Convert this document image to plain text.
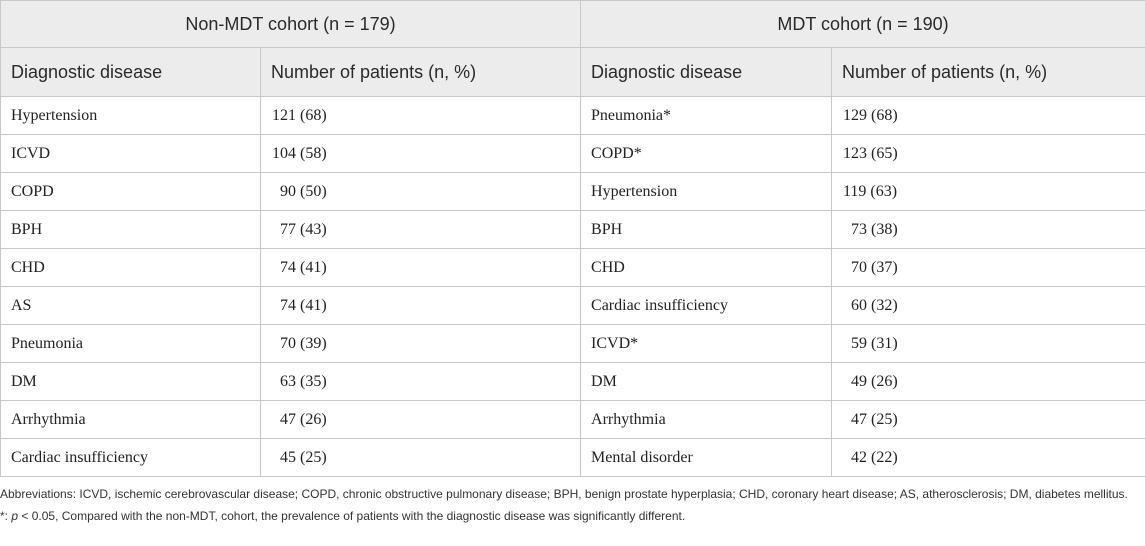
Non-MDT cohort (n = 179)		MDT cohort (n = 190)	
Diagnostic disease	Number of patients (n, %)	Diagnostic disease	Number of patients (n, %)
Hypertension	121 (68)	Pneumonia*	129 (68)
ICVD	104 (58)	COPD*	123 (65)
COPD	90 (50)	Hypertension	119 (63)
BPH	77 (43)	BPH	73 (38)
CHD	74 (41)	CHD	70 (37)
AS	74 (41)	Cardiac insufficiency	60 (32)
Pneumonia	70 (39)	ICVD*	59 (31)
DM	63 (35)	DM	49 (26)
Arrhythmia	47 (26)	Arrhythmia	47 (25)
Cardiac insufficiency	45 (25)	Mental disorder	42 (22)

Abbreviations: ICVD, ischemic cerebrovascular disease; COPD, chronic obstructive pulmonary disease; BPH, benign prostate hyperplasia; CHD, coronary heart disease; AS, atherosclerosis; DM, diabetes mellitus.

*: p < 0.05, Compared with the non-MDT, cohort, the prevalence of patients with the diagnostic disease was significantly different.
